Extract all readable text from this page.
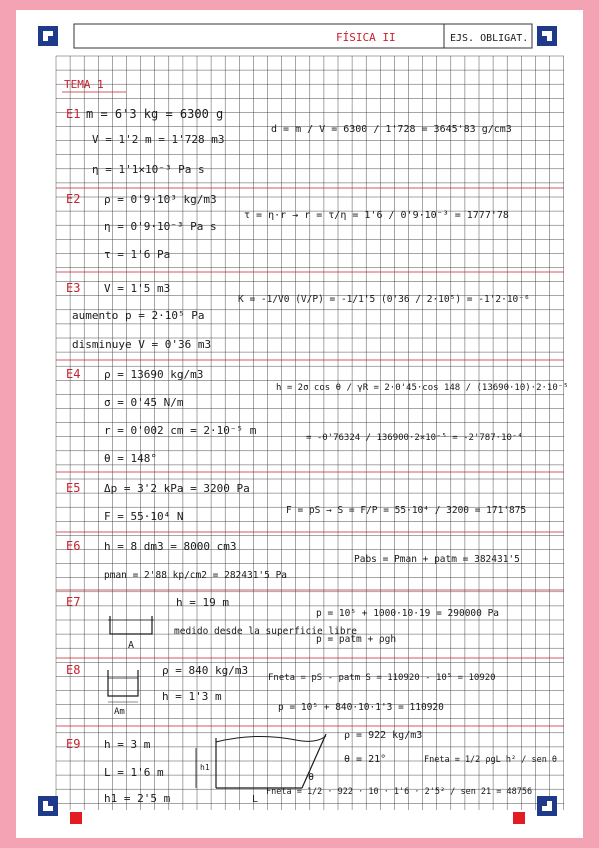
FÍSICA II	EJS. OBLIGAT.
TEMA 1
E1 m = 6'3 kg = 6300 g
V = 1'2 m = 1'728 m3
η = 1'1×10⁻³ Pa s
d = m / V = 6300 / 1'728 = 3645'83 g/cm3
E2 ρ = 0'9·10³ kg/m3
η = 0'9·10⁻³ Pa s
τ = 1'6 Pa
τ = η·r → r = τ/η = 1'6 / 0'9·10⁻³ = 1777'78
E3 V = 1'5 m3
aumento p = 2·10⁵ Pa
disminuye V = 0'36 m3
K = -1/V0 (V/P) = -1/1'5 (0'36 / 2·10⁵) = -1'2·10⁻⁶
E4 ρ = 13690 kg/m3
σ = 0'45 N/m
r = 0'002 cm = 2·10⁻⁵ m
θ = 148°
h = 2σ cos θ / γR = 2·0'45·cos 148 / (13690·10)·2·10⁻⁵
= -0'76324 / 136900·2×10⁻⁵ = -2'787·10⁻⁴
E5 Δp = 3'2 kPa = 3200 Pa
F = 55·10⁴ N	F = pS → S = F/P = 55·10⁴ / 3200 = 171'875
E6 h = 8 dm3 = 8000 cm3
pman = 2'88 kp/cm2 = 282431'5 Pa
Pabs = Pman + patm = 382431'5
E7	h = 19 m
A
medido desde la superficie libre
p = 10⁵ + 1000·10·19 = 290000 Pa
p = patm + ρgh
E8
Am
ρ = 840 kg/m3
h = 1'3 m
Fneta = pS - patm S = 110920 - 10⁵ = 10920
p = 10⁵ + 840·10·1'3 = 110920
E9 h = 3 m
L = 1'6 m
h1 = 2'5 m
h1
L
θ
ρ = 922 kg/m3
θ = 21°	Fneta = 1/2 ρgL h² / sen θ
Fneta = 1/2 · 922 · 10 · 1'6 · 2'5² / sen 21 = 48756
